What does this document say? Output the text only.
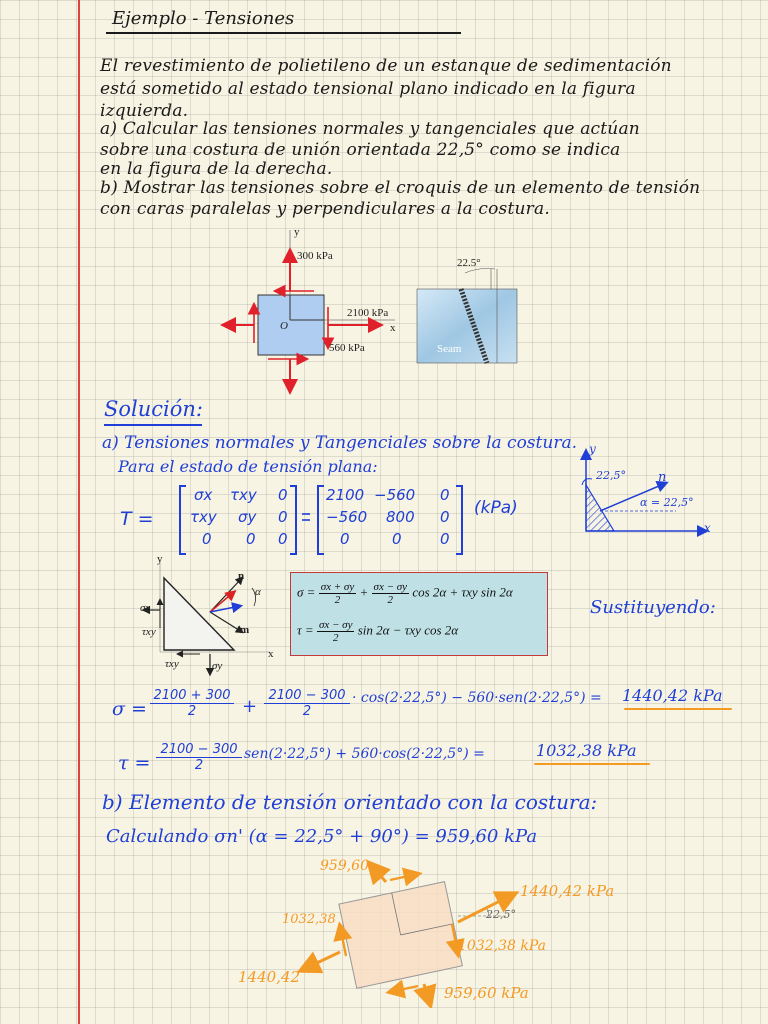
Ejemplo - Tensiones
El revestimiento de polietileno de un estanque de sedimentación
está sometido al estado tensional plano indicado en la figura
izquierda.
a) Calcular las tensiones normales y tangenciales que actúan
sobre una costura de unión orientada 22,5° como se indica
en la figura de la derecha.
b) Mostrar las tensiones sobre el croquis de un elemento de tensión
con caras paralelas y perpendiculares a la costura.
y
x
O
300 kPa
2100 kPa
560 kPa
22.5°
Seam
Solución:
a) Tensiones normales y Tangenciales sobre la costura.
Para el estado de tensión plana:
T =
σx τxy 0
τxy σy 0
0 0 0
2100 −560 0
−560 800 0
0	0	0
(kPa)
y
x
n
22,5°
α = 22,5°
y
x
n
m
σx
τxy
τxy	σy
α	$\sigma = \frac{\sigma x + \sigma y}{2} + \frac{\sigma x - \sigma y}{2}$ cos 2α + τxy sin 2α
$\tau = \frac{\sigma x - \sigma y}{2}$ sin 2α − τxy cos 2α
Sustituyendo:
σ =
2100 + 300
2	+
2100 − 300
2
· cos(2·22,5°) − 560·sen(2·22,5°) = 1440,42 kPa
τ =
2100 − 300
2
sen(2·22,5°) + 560·cos(2·22,5°) =	1032,38 kPa
b) Elemento de tensión orientado con la costura:
Calculando σn' (α = 22,5° + 90°) = 959,60 kPa
959,60
1440,42 kPa
22,5°
1032,38
1032,38 kPa
1440,42
959,60 kPa
